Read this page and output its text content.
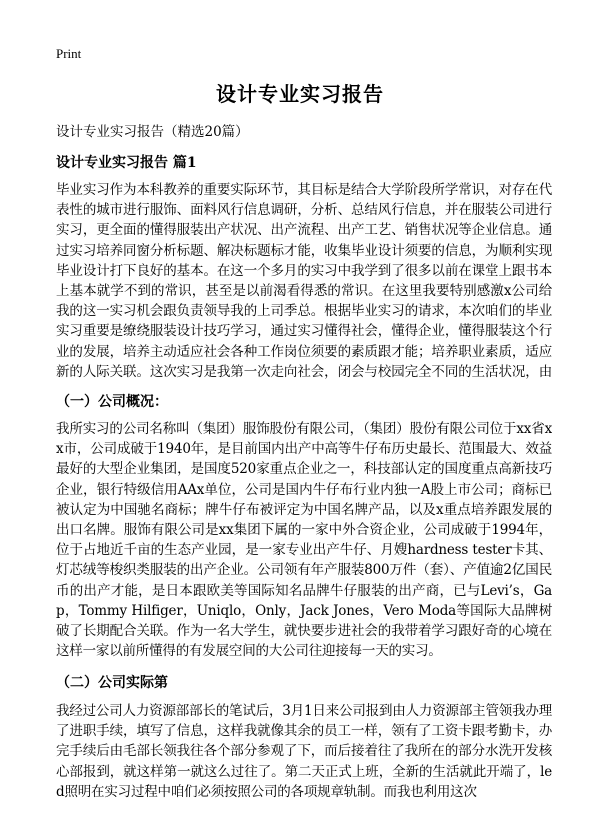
Print
设计专业实习报告
设计专业实习报告（精选20篇）
设计专业实习报告 篇1
毕业实习作为本科教养的重要实际环节，其目标是结合大学阶段所学常识，对存在代表性的城市进行服饰、面料风行信息调研，分析、总结风行信息，并在服装公司进行实习，更全面的懂得服装出产状况、出产流程、出产工艺、销售状况等企业信息。通过实习培养同窗分析标题、解决标题标才能，收集毕业设计须要的信息，为顺利实现毕业设计打下良好的基本。在这一个多月的实习中我学到了很多以前在课堂上跟书本上基本就学不到的常识，甚至是以前渴看得悉的常识。在这里我要特别感激x公司给我的这一实习机会跟负责领导我的上司季总。根据毕业实习的请求，本次咱们的毕业实习重要是缭绕服装设计技巧学习，通过实习懂得社会，懂得企业，懂得服装这个行业的发展，培养主动适应社会各种工作岗位须要的素质跟才能；培养职业素质，适应新的人际关联。这次实习是我第一次走向社会，闭会与校园完全不同的生活状况，由
（一）公司概况：
我所实习的公司名称叫（集团）服饰股份有限公司，（集团）股份有限公司位于xx省xx市，公司成破于1940年，是目前国内出产中高等牛仔布历史最长、范围最大、效益最好的大型企业集团，是国度520家重点企业之一，科技部认定的国度重点高新技巧企业，银行特级信用AAx单位，公司是国内牛仔布行业内独一A股上市公司；商标已被认定为中国驰名商标；牌牛仔布被评定为中国名牌产品，以及x重点培养跟发展的出口名牌。服饰有限公司是xx集团下属的一家中外合资企业，公司成破于1994年，位于占地近千亩的生态产业园，是一家专业出产牛仔、月嫂hardness tester卡其、灯芯绒等梭织类服装的出产企业。公司领有年产服装800万件（套）、产值逾2亿国民币的出产才能，是日本跟欧美等国际知名品牌牛仔服装的出产商，已与Levi’s，Gap，Tommy Hilfiger，Uniqlo，Only，Jack Jones，Vero Moda等国际大品牌树破了长期配合关联。作为一名大学生，就快要步进社会的我带着学习跟好奇的心境在这样一家以前所懂得的有发展空间的大公司往迎接每一天的实习。
（二）公司实际第
我经过公司人力资源部部长的笔试后，3月1日来公司报到由人力资源部主管领我办理了进职手续，填写了信息，这样我就像其余的员工一样，领有了工资卡跟考勤卡，办完手续后由毛部长领我往各个部分参观了下，而后接着往了我所在的部分水洗开发核心部报到，就这样第一就这么过往了。第二天正式上班，全新的生活就此开端了，led照明在实习过程中咱们必须按照公司的各项规章轨制。而我也利用这次
